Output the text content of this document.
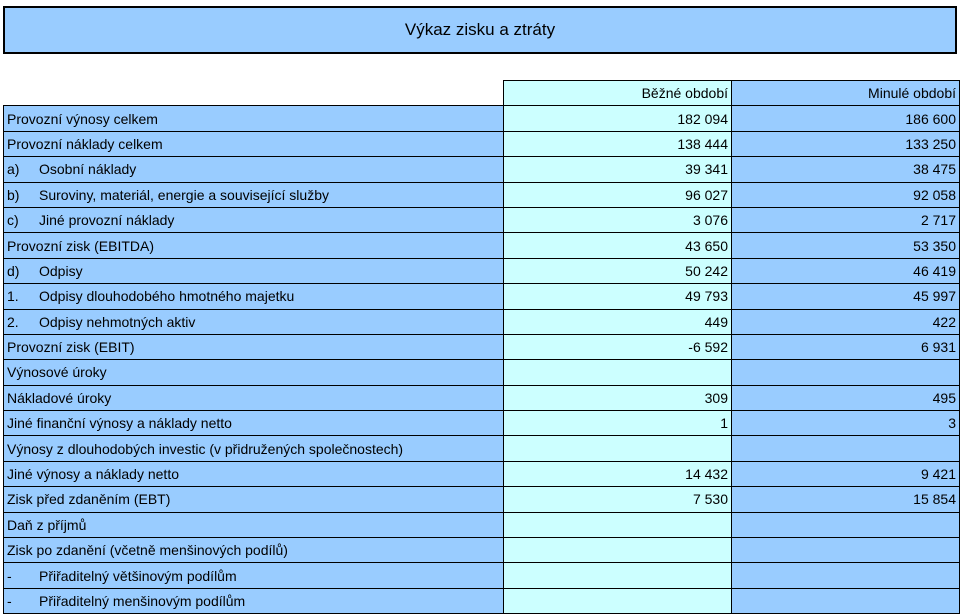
Výkaz zisku a ztráty
	Běžné období	Minulé období
Provozní výnosy celkem	182 094	186 600
Provozní náklady celkem	138 444	133 250
a) Osobní náklady	39 341	38 475
b) Suroviny, materiál, energie a související služby	96 027	92 058
c) Jiné provozní náklady	3 076	2 717
Provozní zisk (EBITDA)	43 650	53 350
d) Odpisy	50 242	46 419
1. Odpisy dlouhodobého hmotného majetku	49 793	45 997
2. Odpisy nehmotných aktiv	449	422
Provozní zisk (EBIT)	-6 592	6 931
Výnosové úroky		
Nákladové úroky	309	495
Jiné finanční výnosy a náklady netto	1	3
Výnosy z dlouhodobých investic (v přidružených společnostech)		
Jiné výnosy a náklady netto	14 432	9 421
Zisk před zdaněním (EBT)	7 530	15 854
Daň z příjmů		
Zisk po zdanění (včetně menšinových podílů)		
- Přiřaditelný většinovým podílům		
- Přiřaditelný menšinovým podílům		
